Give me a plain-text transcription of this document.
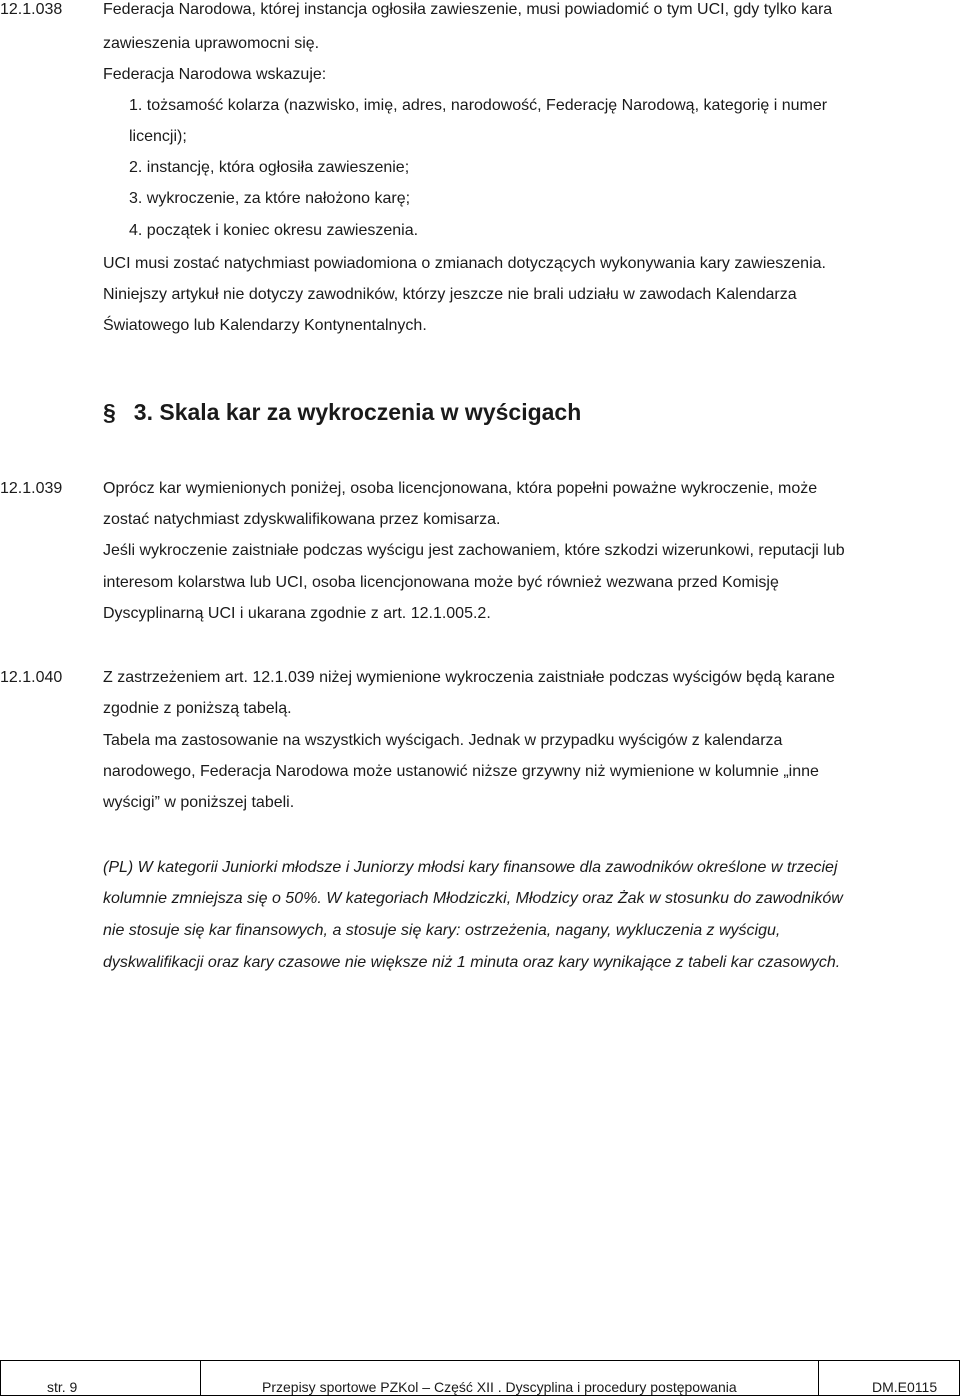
12.1.038	Federacja Narodowa, której instancja ogłosiła zawieszenie, musi powiadomić o tym UCI, gdy tylko kara
zawieszenia uprawomocni się.
Federacja Narodowa wskazuje:
1. tożsamość kolarza (nazwisko, imię, adres, narodowość, Federację Narodową, kategorię i numer
licencji);
2. instancję, która ogłosiła zawieszenie;
3. wykroczenie, za które nałożono karę;
4. początek i koniec okresu zawieszenia.
UCI musi zostać natychmiast powiadomiona o zmianach dotyczących wykonywania kary zawieszenia.
Niniejszy artykuł nie dotyczy zawodników, którzy jeszcze nie brali udziału w zawodach Kalendarza
Światowego lub Kalendarzy Kontynentalnych.
§ 3. Skala kar za wykroczenia w wyścigach
12.1.039	Oprócz kar wymienionych poniżej, osoba licencjonowana, która popełni poważne wykroczenie, może
zostać natychmiast zdyskwalifikowana przez komisarza.
Jeśli wykroczenie zaistniałe podczas wyścigu jest zachowaniem, które szkodzi wizerunkowi, reputacji lub
interesom kolarstwa lub UCI, osoba licencjonowana może być również wezwana przed Komisję
Dyscyplinarną UCI i ukarana zgodnie z art. 12.1.005.2.
12.1.040	Z zastrzeżeniem art. 12.1.039 niżej wymienione wykroczenia zaistniałe podczas wyścigów będą karane
zgodnie z poniższą tabelą.
Tabela ma zastosowanie na wszystkich wyścigach. Jednak w przypadku wyścigów z kalendarza
narodowego, Federacja Narodowa może ustanowić niższe grzywny niż wymienione w kolumnie „inne
wyścigi” w poniższej tabeli.
(PL) W kategorii Juniorki młodsze i Juniorzy młodsi kary finansowe dla zawodników określone w trzeciej
kolumnie zmniejsza się o 50%. W kategoriach Młodziczki, Młodzicy oraz Żak w stosunku do zawodników
nie stosuje się kar finansowych, a stosuje się kary: ostrzeżenia, nagany, wykluczenia z wyścigu,
dyskwalifikacji oraz kary czasowe nie większe niż 1 minuta oraz kary wynikające z tabeli kar czasowych.
str. 9	Przepisy sportowe PZKol – Część XII . Dyscyplina i procedury postępowania	DM.E0115
